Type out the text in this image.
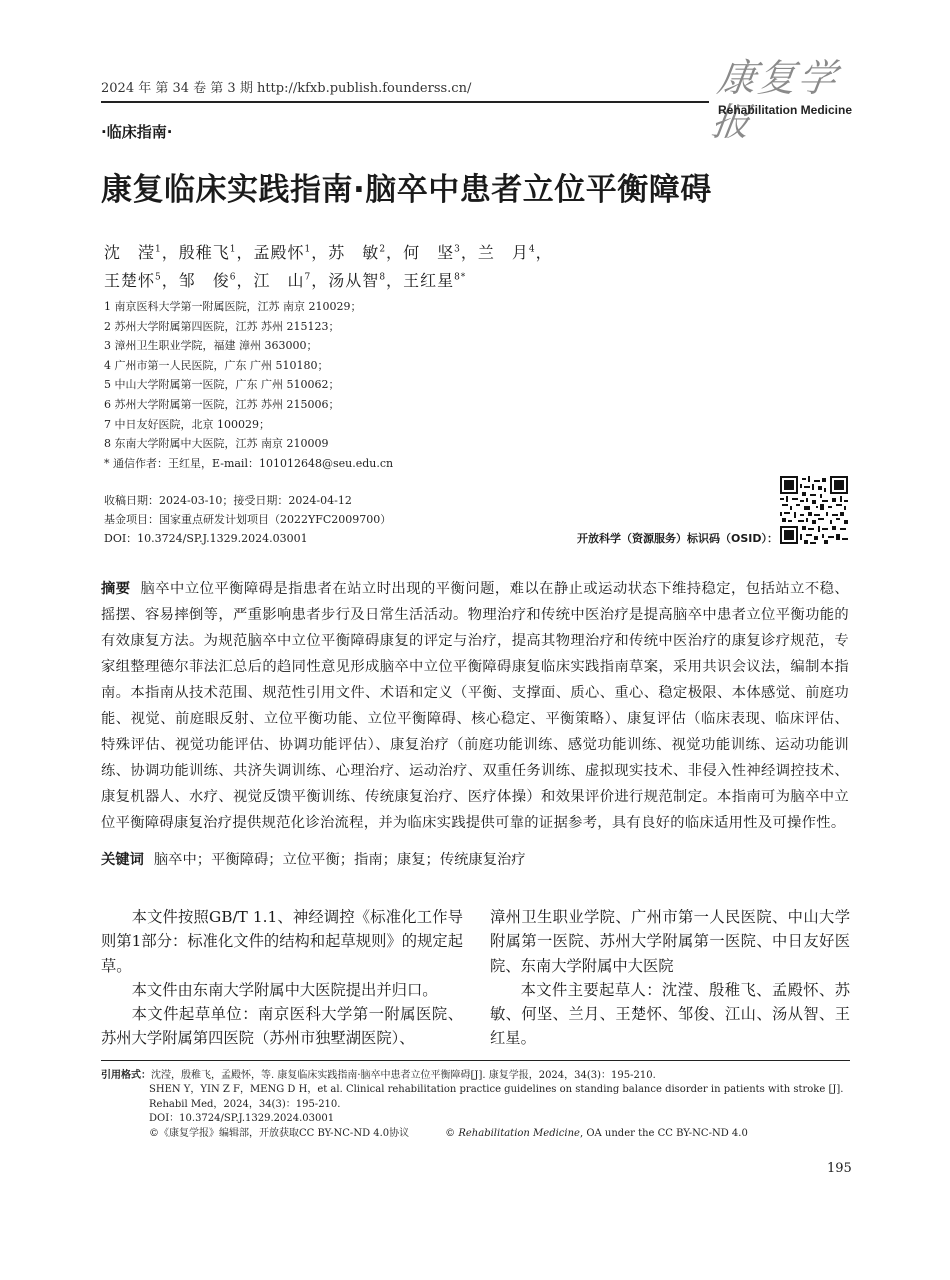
2024 年 第 34 卷 第 3 期 http://kfxb.publish.founderss.cn/	康复学报
Rehabilitation Medicine
·临床指南·
康复临床实践指南·脑卒中患者立位平衡障碍
沈　滢$^1$，殷稚飞$^1$，孟殿怀$^1$，苏　敏$^2$，何　坚$^3$，兰　月$^4$，
王楚怀$^5$，邹　俊$^6$，江　山$^7$，汤从智$^8$，王红星$^{8*}$
1 南京医科大学第一附属医院，江苏 南京 210029；
2 苏州大学附属第四医院，江苏 苏州 215123；
3 漳州卫生职业学院，福建 漳州 363000；
4 广州市第一人民医院，广东 广州 510180；
5 中山大学附属第一医院，广东 广州 510062；
6 苏州大学附属第一医院，江苏 苏州 215006；
7 中日友好医院，北京 100029；
8 东南大学附属中大医院，江苏 南京 210009
* 通信作者：王红星，E-mail：101012648@seu.edu.cn
收稿日期：2024-03-10；接受日期：2024-04-12
基金项目：国家重点研发计划项目（2022YFC2009700）
DOI：10.3724/SP.J.1329.2024.03001	开放科学（资源服务）标识码（OSID）：
摘要 脑卒中立位平衡障碍是指患者在站立时出现的平衡问题，难以在静止或运动状态下维持稳定，包括站立不稳、摇摆、容易摔倒等，严重影响患者步行及日常生活活动。物理治疗和传统中医治疗是提高脑卒中患者立位平衡功能的有效康复方法。为规范脑卒中立位平衡障碍康复的评定与治疗，提高其物理治疗和传统中医治疗的康复诊疗规范，专家组整理德尔菲法汇总后的趋同性意见形成脑卒中立位平衡障碍康复临床实践指南草案，采用共识会议法，编制本指南。本指南从技术范围、规范性引用文件、术语和定义（平衡、支撑面、质心、重心、稳定极限、本体感觉、前庭功能、视觉、前庭眼反射、立位平衡功能、立位平衡障碍、核心稳定、平衡策略）、康复评估（临床表现、临床评估、特殊评估、视觉功能评估、协调功能评估）、康复治疗（前庭功能训练、感觉功能训练、视觉功能训练、运动功能训练、协调功能训练、共济失调训练、心理治疗、运动治疗、双重任务训练、虚拟现实技术、非侵入性神经调控技术、康复机器人、水疗、视觉反馈平衡训练、传统康复治疗、医疗体操）和效果评价进行规范制定。本指南可为脑卒中立位平衡障碍康复治疗提供规范化诊治流程，并为临床实践提供可靠的证据参考，具有良好的临床适用性及可操作性。
关键词 脑卒中；平衡障碍；立位平衡；指南；康复；传统康复治疗

本文件按照GB/T 1.1、神经调控《标准化工作导则第1部分：标准化文件的结构和起草规则》的规定起草。

本文件由东南大学附属中大医院提出并归口。

本文件起草单位：南京医科大学第一附属医院、苏州大学附属第四医院（苏州市独墅湖医院）、

漳州卫生职业学院、广州市第一人民医院、中山大学附属第一医院、苏州大学附属第一医院、中日友好医院、东南大学附属中大医院

本文件主要起草人：沈滢、殷稚飞、孟殿怀、苏敏、何坚、兰月、王楚怀、邹俊、江山、汤从智、王红星。

引用格式：沈滢，殷稚飞，孟殿怀，等. 康复临床实践指南·脑卒中患者立位平衡障碍[J]. 康复学报，2024，34(3)：195-210.
SHEN Y，YIN Z F，MENG D H，et al. Clinical rehabilitation practice guidelines on standing balance disorder in patients with stroke [J]. Rehabil Med，2024，34(3)：195-210.
DOI：10.3724/SP.J.1329.2024.03001
©《康复学报》编辑部，开放获取CC BY-NC-ND 4.0协议	© Rehabilitation Medicine, OA under the CC BY-NC-ND 4.0
195
